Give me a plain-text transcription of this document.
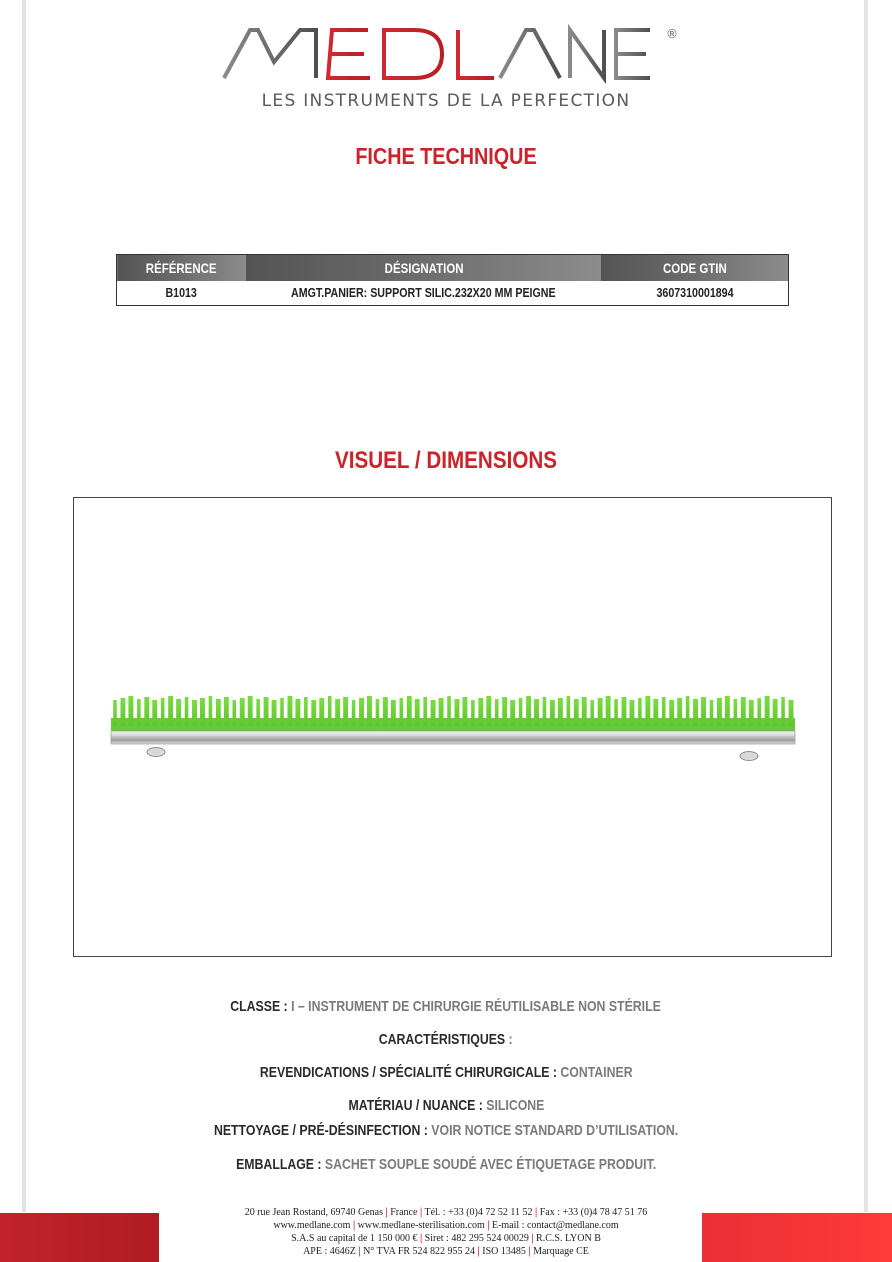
®
LES INSTRUMENTS DE LA PERFECTION
FICHE TECHNIQUE
RÉFÉRENCE	DÉSIGNATION	CODE GTIN
B1013	AMGT.PANIER: SUPPORT SILIC.232X20 MM PEIGNE	3607310001894
VISUEL / DIMENSIONS
CLASSE : I – INSTRUMENT DE CHIRURGIE RÉUTILISABLE NON STÉRILE
CARACTÉRISTIQUES :
REVENDICATIONS / SPÉCIALITÉ CHIRURGICALE : CONTAINER
MATÉRIAU / NUANCE : SILICONE
NETTOYAGE / PRÉ-DÉSINFECTION : VOIR NOTICE STANDARD D’UTILISATION.
EMBALLAGE : SACHET SOUPLE SOUDÉ AVEC ÉTIQUETAGE PRODUIT.
20 rue Jean Rostand, 69740 Genas | France | Tél. : +33 (0)4 72 52 11 52 | Fax : +33 (0)4 78 47 51 76
www.medlane.com | www.medlane-sterilisation.com | E-mail : contact@medlane.com
S.A.S au capital de 1 150 000 € | Siret : 482 295 524 00029 | R.C.S. LYON B
APE : 4646Z | N° TVA FR 524 822 955 24 | ISO 13485 | Marquage CE
